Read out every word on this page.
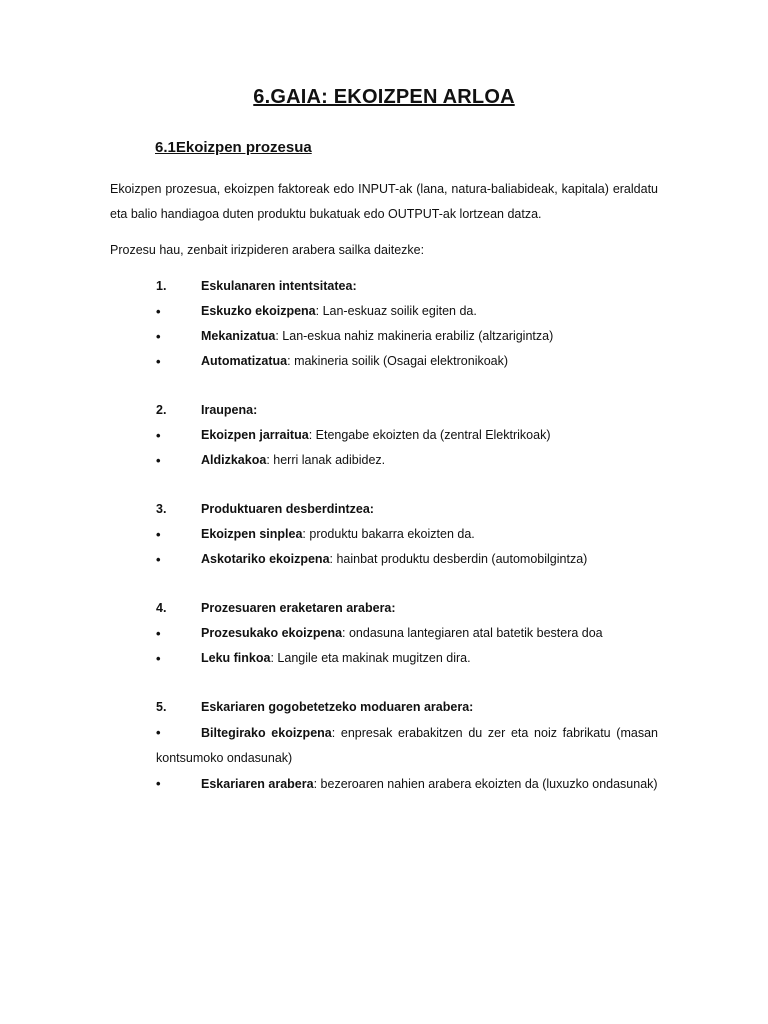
6.GAIA: EKOIZPEN ARLOA
6.1Ekoizpen prozesua
Ekoizpen prozesua, ekoizpen faktoreak edo INPUT-ak (lana, natura-baliabideak, kapitala) eraldatu eta balio handiagoa duten produktu bukatuak edo OUTPUT-ak lortzean datza.
Prozesu hau, zenbait irizpideren arabera sailka daitezke:
1.	Eskulanaren intentsitatea:
•	Eskuzko ekoizpena: Lan-eskuaz soilik egiten da.
•	Mekanizatua: Lan-eskua nahiz makineria erabiliz (altzarigintza)
•	Automatizatua: makineria soilik (Osagai elektronikoak)
2.	Iraupena:
•	Ekoizpen jarraitua: Etengabe ekoizten da (zentral Elektrikoak)
•	Aldizkakoa: herri lanak adibidez.
3.	Produktuaren desberdintzea:
•	Ekoizpen sinplea: produktu bakarra ekoizten da.
•	Askotariko ekoizpena: hainbat produktu desberdin (automobilgintza)
4.	Prozesuaren eraketaren arabera:
•	Prozesukako ekoizpena: ondasuna lantegiaren atal batetik bestera doa
•	Leku finkoa: Langile eta makinak mugitzen dira.
5.	Eskariaren gogobetetzeko moduaren arabera:
•	Biltegirako ekoizpena: enpresak erabakitzen du zer eta noiz fabrikatu (masan kontsumoko ondasunak)
•	Eskariaren arabera: bezeroaren nahien arabera ekoizten da (luxuzko ondasunak)
